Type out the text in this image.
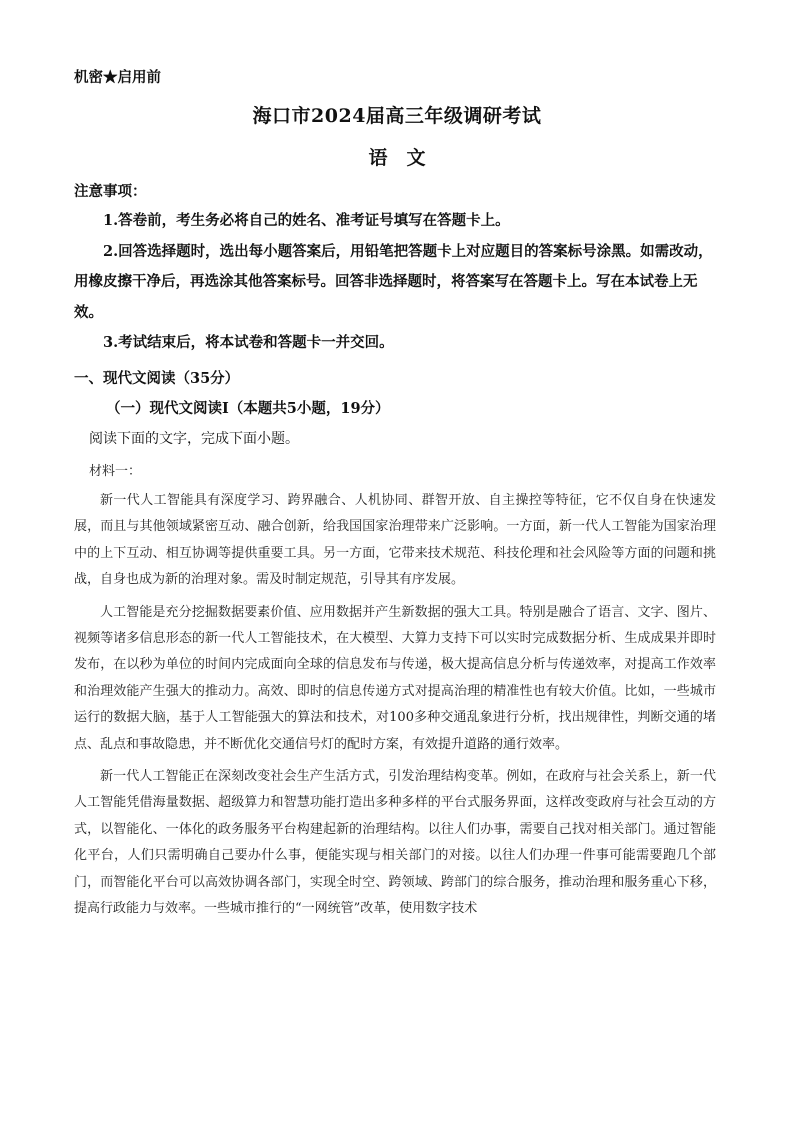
机密★启用前
海口市2024届高三年级调研考试
语　文
注意事项：

1.答卷前，考生务必将自己的姓名、准考证号填写在答题卡上。

2.回答选择题时，选出每小题答案后，用铅笔把答题卡上对应题目的答案标号涂黑。如需改动，用橡皮擦干净后，再选涂其他答案标号。回答非选择题时，将答案写在答题卡上。写在本试卷上无效。

3.考试结束后，将本试卷和答题卡一并交回。

一、现代文阅读（35分）
（一）现代文阅读Ⅰ（本题共5小题，19分）
阅读下面的文字，完成下面小题。
材料一：

新一代人工智能具有深度学习、跨界融合、人机协同、群智开放、自主操控等特征，它不仅自身在快速发展，而且与其他领域紧密互动、融合创新，给我国国家治理带来广泛影响。一方面，新一代人工智能为国家治理中的上下互动、相互协调等提供重要工具。另一方面，它带来技术规范、科技伦理和社会风险等方面的问题和挑战，自身也成为新的治理对象。需及时制定规范，引导其有序发展。

人工智能是充分挖掘数据要素价值、应用数据并产生新数据的强大工具。特别是融合了语言、文字、图片、视频等诸多信息形态的新一代人工智能技术，在大模型、大算力支持下可以实时完成数据分析、生成成果并即时发布，在以秒为单位的时间内完成面向全球的信息发布与传递，极大提高信息分析与传递效率，对提高工作效率和治理效能产生强大的推动力。高效、即时的信息传递方式对提高治理的精准性也有较大价值。比如，一些城市运行的数据大脑，基于人工智能强大的算法和技术，对100多种交通乱象进行分析，找出规律性，判断交通的堵点、乱点和事故隐患，并不断优化交通信号灯的配时方案，有效提升道路的通行效率。

新一代人工智能正在深刻改变社会生产生活方式，引发治理结构变革。例如，在政府与社会关系上，新一代人工智能凭借海量数据、超级算力和智慧功能打造出多种多样的平台式服务界面，这样改变政府与社会互动的方式，以智能化、一体化的政务服务平台构建起新的治理结构。以往人们办事，需要自己找对相关部门。通过智能化平台，人们只需明确自己要办什么事，便能实现与相关部门的对接。以往人们办理一件事可能需要跑几个部门，而智能化平台可以高效协调各部门，实现全时空、跨领域、跨部门的综合服务，推动治理和服务重心下移，提高行政能力与效率。一些城市推行的“一网统管”改革，使用数字技术
